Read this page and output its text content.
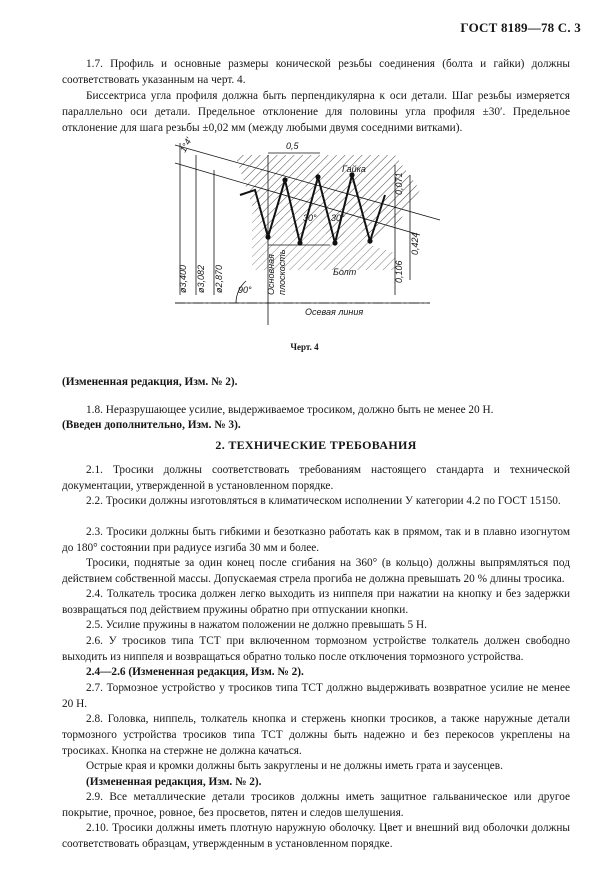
ГОСТ 8189—78 С. 3

1.7. Профиль и основные размеры конической резьбы соединения (болта и гайки) должны соответствовать указанным на черт. 4.

Биссектриса угла профиля должна быть перпендикулярна к оси детали. Шаг резьбы измеряется параллельно оси детали. Предельное отклонение для половины угла профиля ±30′. Предельное отклонение для шага резьбы ±0,02 мм (между любыми двумя соседними витками).

1°4′	0,5
Гайка
Болт
30° 30°
0,071
0,424
0,106
ø3,400 ø3,082 ø2,870	Основная плоскость
90°
Осевая линия
Черт. 4

(Измененная редакция, Изм. № 2).

1.8. Неразрушающее усилие, выдерживаемое тросиком, должно быть не менее 20 Н.

(Введен дополнительно, Изм. № 3).

2. ТЕХНИЧЕСКИЕ ТРЕБОВАНИЯ

2.1. Тросики должны соответствовать требованиям настоящего стандарта и технической документации, утвержденной в установленном порядке.

2.2. Тросики должны изготовляться в климатическом исполнении У категории 4.2 по ГОСТ 15150.

2.3. Тросики должны быть гибкими и безотказно работать как в прямом, так и в плавно изогнутом до 180° состоянии при радиусе изгиба 30 мм и более.

Тросики, поднятые за один конец после сгибания на 360° (в кольцо) должны выпрямляться под действием собственной массы. Допускаемая стрела прогиба не должна превышать 20 % длины тросика.

2.4. Толкатель тросика должен легко выходить из ниппеля при нажатии на кнопку и без задержки возвращаться под действием пружины обратно при отпускании кнопки.

2.5. Усилие пружины в нажатом положении не должно превышать 5 Н.

2.6. У тросиков типа ТСТ при включенном тормозном устройстве толкатель должен свободно выходить из ниппеля и возвращаться обратно только после отключения тормозного устройства.

2.4—2.6 (Измененная редакция, Изм. № 2).

2.7. Тормозное устройство у тросиков типа ТСТ должно выдерживать возвратное усилие не менее 20 Н.

2.8. Головка, ниппель, толкатель кнопка и стержень кнопки тросиков, а также наружные детали тормозного устройства тросиков типа ТСТ должны быть надежно и без перекосов укреплены на тросиках. Кнопка на стержне не должна качаться.

Острые края и кромки должны быть закруглены и не должны иметь грата и заусенцев.

(Измененная редакция, Изм. № 2).

2.9. Все металлические детали тросиков должны иметь защитное гальваническое или другое покрытие, прочное, ровное, без просветов, пятен и следов шелушения.

2.10. Тросики должны иметь плотную наружную оболочку. Цвет и внешний вид оболочки должны соответствовать образцам, утвержденным в установленном порядке.
